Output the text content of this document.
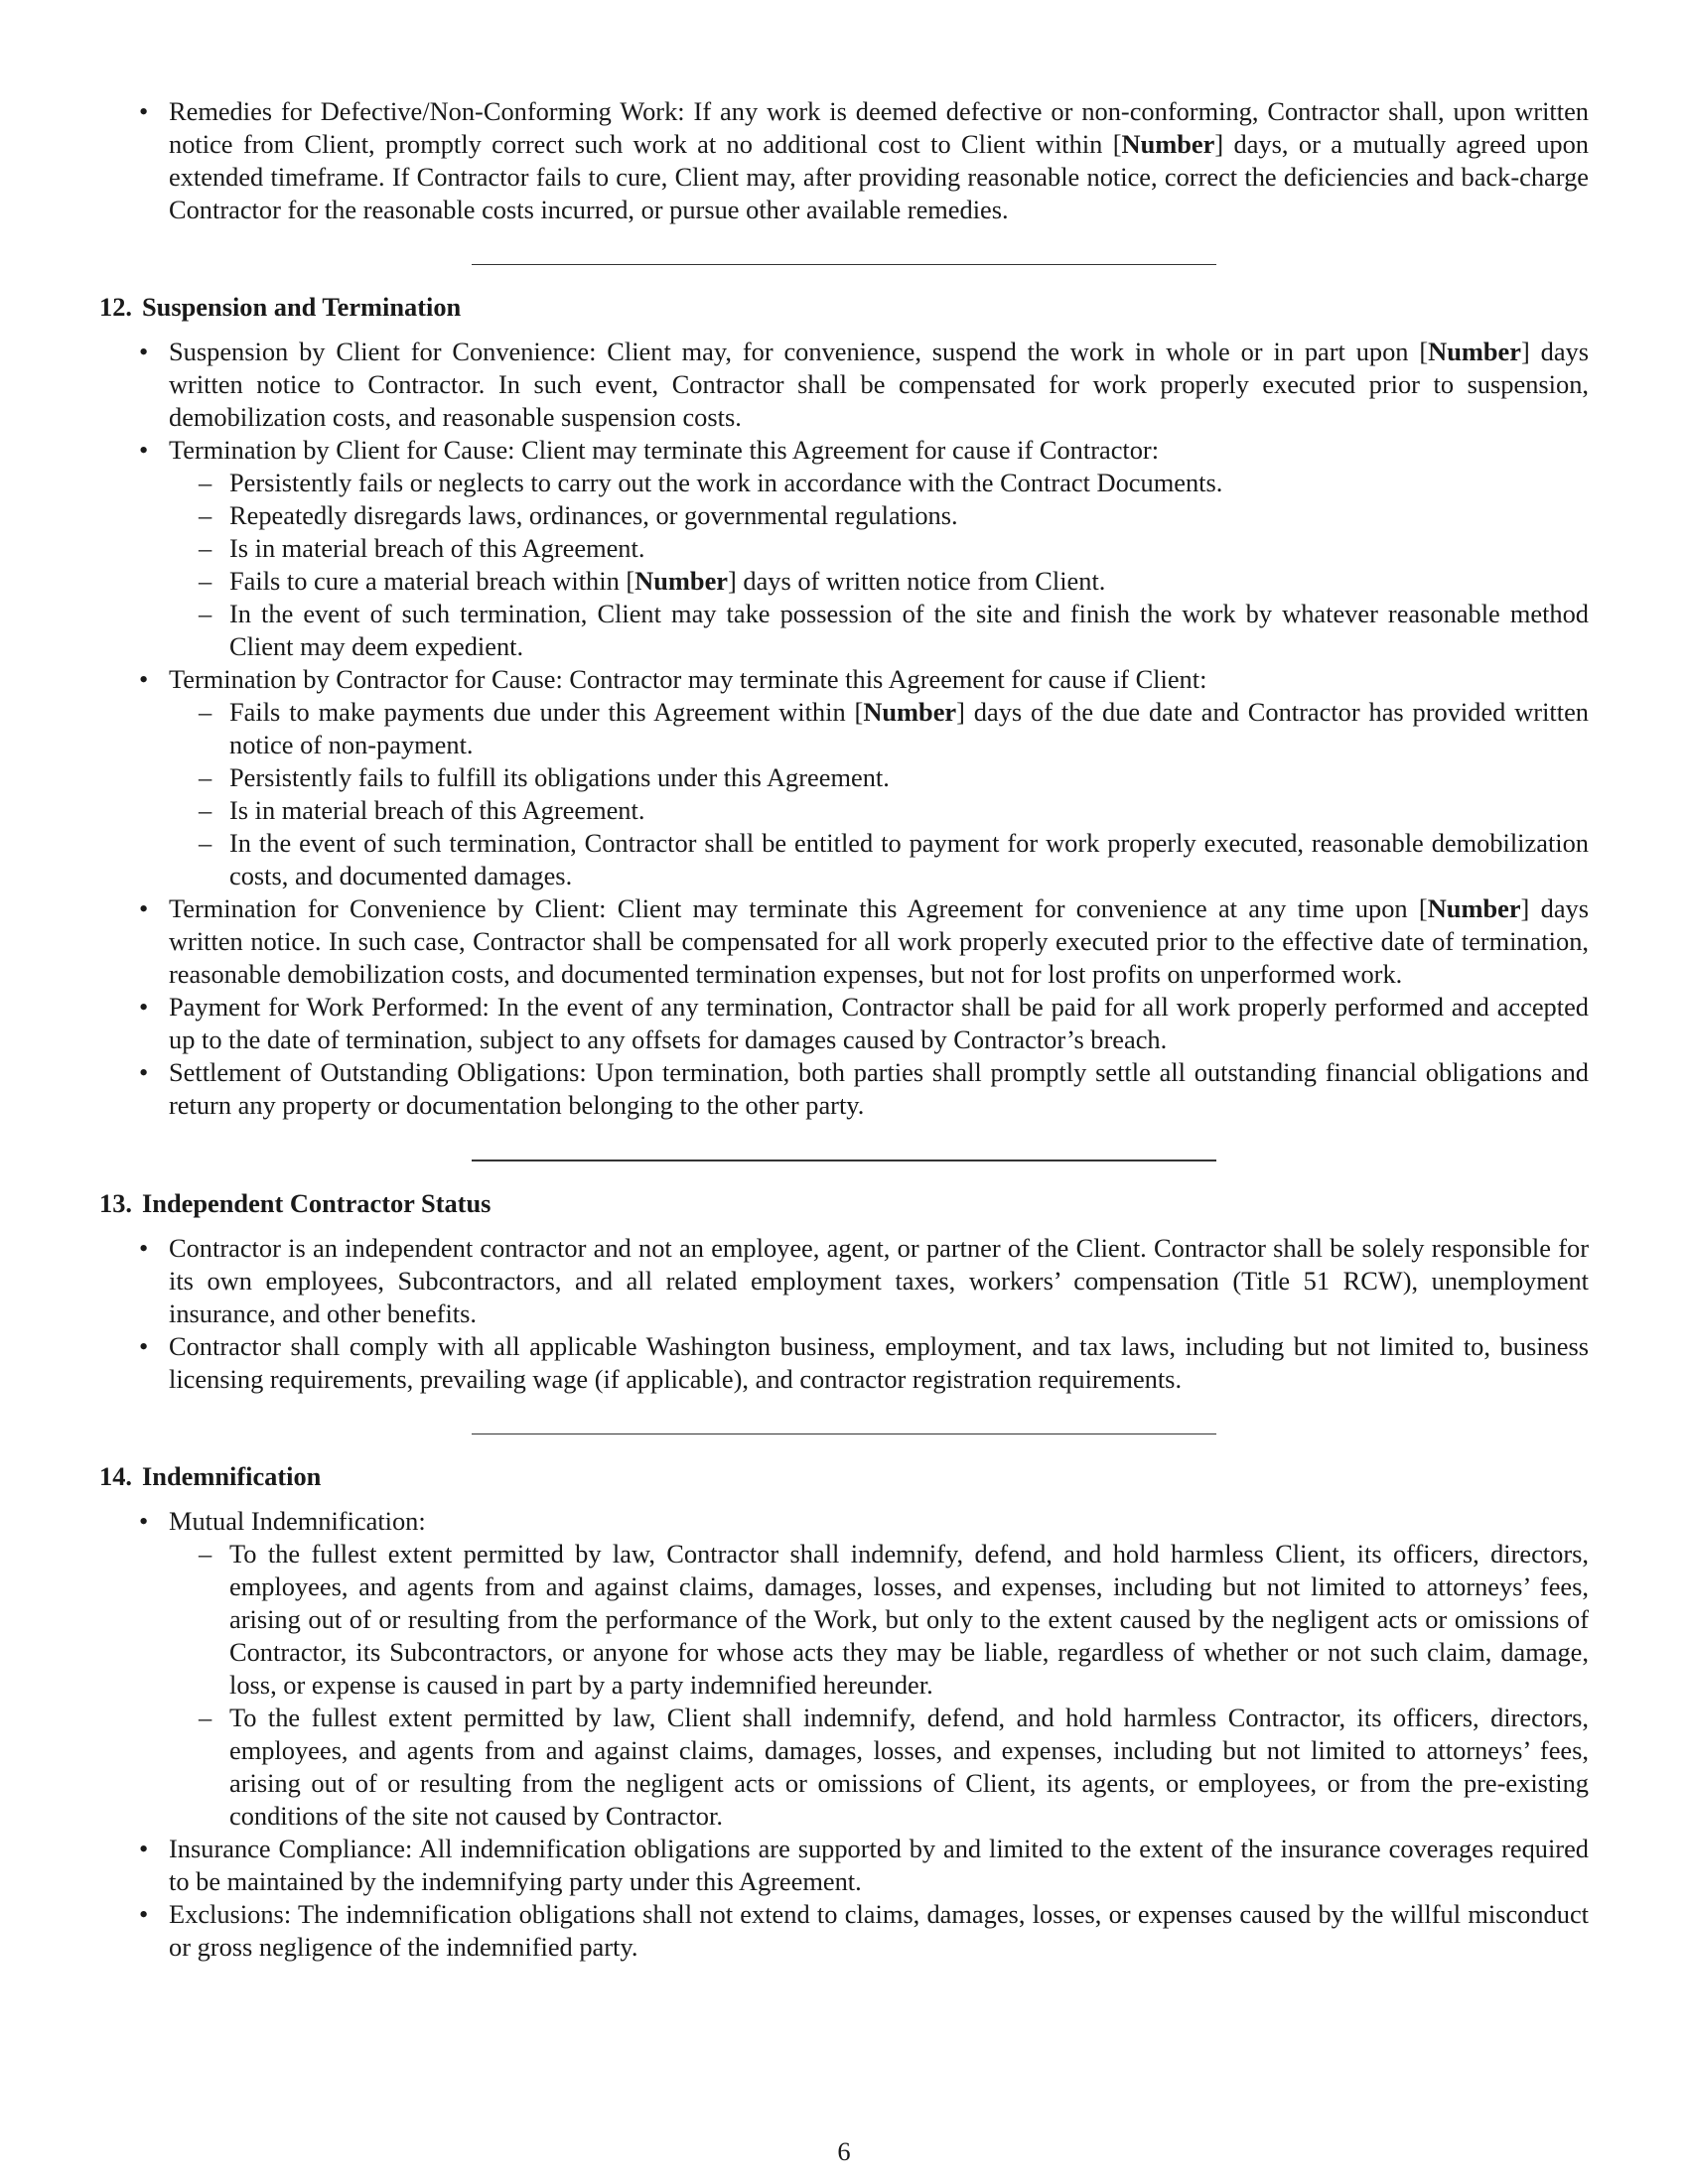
• Remedies for Defective/Non-Conforming Work: If any work is deemed defective or non-conforming, Contractor shall, upon written notice from Client, promptly correct such work at no additional cost to Client within [Number] days, or a mutually agreed upon extended timeframe. If Contractor fails to cure, Client may, after providing reasonable notice, correct the deficiencies and back-charge Contractor for the reasonable costs incurred, or pursue other available remedies.
12. Suspension and Termination
• Suspension by Client for Convenience: Client may, for convenience, suspend the work in whole or in part upon [Number] days written notice to Contractor. In such event, Contractor shall be compensated for work properly executed prior to suspension, demobilization costs, and reasonable suspension costs.
• Termination by Client for Cause: Client may terminate this Agreement for cause if Contractor:
– Persistently fails or neglects to carry out the work in accordance with the Contract Documents.
– Repeatedly disregards laws, ordinances, or governmental regulations.
– Is in material breach of this Agreement.
– Fails to cure a material breach within [Number] days of written notice from Client.
– In the event of such termination, Client may take possession of the site and finish the work by whatever reasonable method Client may deem expedient.
• Termination by Contractor for Cause: Contractor may terminate this Agreement for cause if Client:
– Fails to make payments due under this Agreement within [Number] days of the due date and Contractor has provided written notice of non-payment.
– Persistently fails to fulfill its obligations under this Agreement.
– Is in material breach of this Agreement.
– In the event of such termination, Contractor shall be entitled to payment for work properly executed, reasonable demobilization costs, and documented damages.
• Termination for Convenience by Client: Client may terminate this Agreement for convenience at any time upon [Number] days written notice. In such case, Contractor shall be compensated for all work properly executed prior to the effective date of termination, reasonable demobilization costs, and documented termination expenses, but not for lost profits on unperformed work.
• Payment for Work Performed: In the event of any termination, Contractor shall be paid for all work properly performed and accepted up to the date of termination, subject to any offsets for damages caused by Contractor’s breach.
• Settlement of Outstanding Obligations: Upon termination, both parties shall promptly settle all outstanding financial obligations and return any property or documentation belonging to the other party.
13. Independent Contractor Status
• Contractor is an independent contractor and not an employee, agent, or partner of the Client. Contractor shall be solely responsible for its own employees, Subcontractors, and all related employment taxes, workers’ compensation (Title 51 RCW), unemployment insurance, and other benefits.
• Contractor shall comply with all applicable Washington business, employment, and tax laws, including but not limited to, business licensing requirements, prevailing wage (if applicable), and contractor registration requirements.
14. Indemnification
• Mutual Indemnification:
– To the fullest extent permitted by law, Contractor shall indemnify, defend, and hold harmless Client, its officers, directors, employees, and agents from and against claims, damages, losses, and expenses, including but not limited to attorneys’ fees, arising out of or resulting from the performance of the Work, but only to the extent caused by the negligent acts or omissions of Contractor, its Subcontractors, or anyone for whose acts they may be liable, regardless of whether or not such claim, damage, loss, or expense is caused in part by a party indemnified hereunder.
– To the fullest extent permitted by law, Client shall indemnify, defend, and hold harmless Contractor, its officers, directors, employees, and agents from and against claims, damages, losses, and expenses, including but not limited to attorneys’ fees, arising out of or resulting from the negligent acts or omissions of Client, its agents, or employees, or from the pre-existing conditions of the site not caused by Contractor.
• Insurance Compliance: All indemnification obligations are supported by and limited to the extent of the insurance coverages required to be maintained by the indemnifying party under this Agreement.
• Exclusions: The indemnification obligations shall not extend to claims, damages, losses, or expenses caused by the willful misconduct or gross negligence of the indemnified party.
6
